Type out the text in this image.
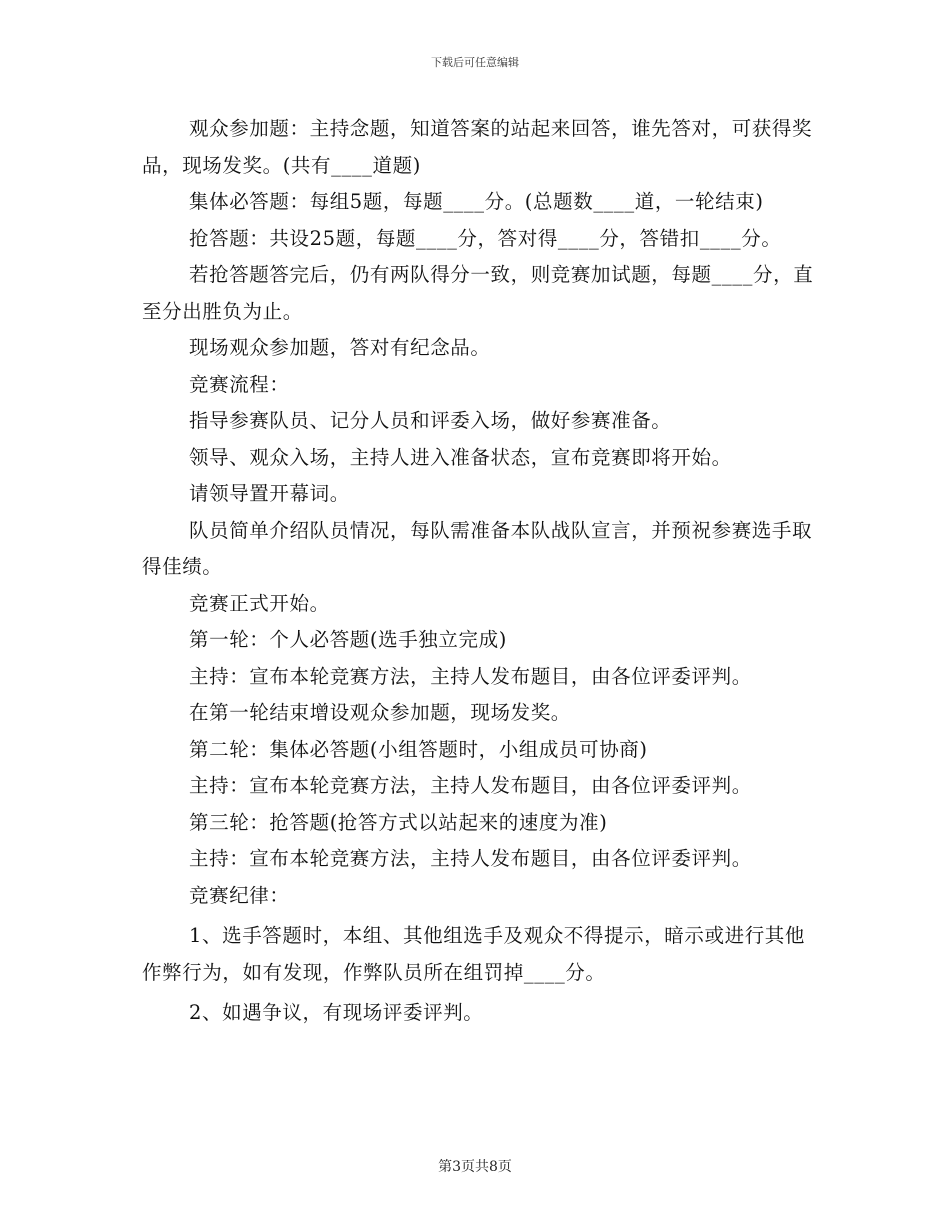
下载后可任意编辑

观众参加题：主持念题，知道答案的站起来回答，谁先答对，可获得奖品，现场发奖。(共有____道题)

集体必答题：每组5题，每题____分。(总题数____道，一轮结束)

抢答题：共设25题，每题____分，答对得____分，答错扣____分。

若抢答题答完后，仍有两队得分一致，则竞赛加试题，每题____分，直至分出胜负为止。

现场观众参加题，答对有纪念品。

竞赛流程：

指导参赛队员、记分人员和评委入场，做好参赛准备。

领导、观众入场，主持人进入准备状态，宣布竞赛即将开始。

请领导置开幕词。

队员简单介绍队员情况，每队需准备本队战队宣言，并预祝参赛选手取得佳绩。

竞赛正式开始。

第一轮：个人必答题(选手独立完成)

主持：宣布本轮竞赛方法，主持人发布题目，由各位评委评判。

在第一轮结束增设观众参加题，现场发奖。

第二轮：集体必答题(小组答题时，小组成员可协商)

主持：宣布本轮竞赛方法，主持人发布题目，由各位评委评判。

第三轮：抢答题(抢答方式以站起来的速度为准)

主持：宣布本轮竞赛方法，主持人发布题目，由各位评委评判。

竞赛纪律：

1、选手答题时，本组、其他组选手及观众不得提示，暗示或进行其他作弊行为，如有发现，作弊队员所在组罚掉____分。

2、如遇争议，有现场评委评判。

第3页共8页
